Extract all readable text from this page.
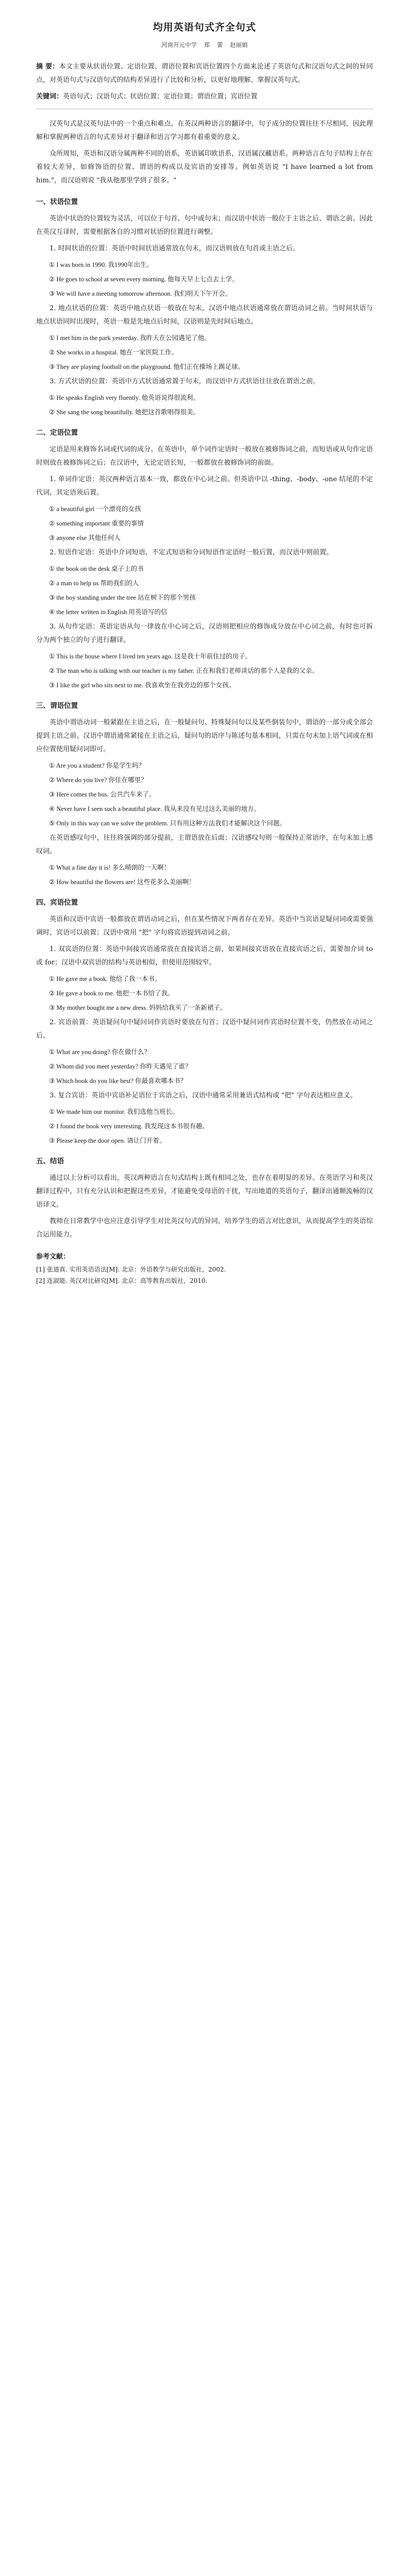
均用英语句式齐全句式
河南开元中学 郑 蕾 赵丽娟

摘 要：本文主要从状语位置、定语位置、谓语位置和宾语位置四个方面来论述了英语句式和汉语句式之间的异同点，对英语句式与汉语句式的结构差异进行了比较和分析，以更好地理解、掌握汉英句式。

关键词：英语句式；汉语句式；状语位置；定语位置；谓语位置；宾语位置

汉英句式是汉英句法中的一个重点和难点。在英汉两种语言的翻译中，句子成分的位置往往不尽相同，因此理解和掌握两种语言的句式差异对于翻译和语言学习都有着重要的意义。

众所周知，英语和汉语分属两种不同的语系，英语属印欧语系，汉语属汉藏语系。两种语言在句子结构上存在着较大差异，如修饰语的位置、谓语的构成以及宾语的安排等。例如英语说 "I have learned a lot from him."，而汉语则说 "我从他那里学到了很多。"

一、状语位置

英语中状语的位置较为灵活，可以位于句首、句中或句末；而汉语中状语一般位于主语之后、谓语之前。因此在英汉互译时，需要根据各自的习惯对状语的位置进行调整。

1. 时间状语的位置：英语中时间状语通常放在句末，而汉语则放在句首或主语之后。

① I was born in 1990. 我1990年出生。
② He goes to school at seven every morning. 他每天早上七点去上学。
③ We will have a meeting tomorrow afternoon. 我们明天下午开会。

2. 地点状语的位置：英语中地点状语一般放在句末，汉语中地点状语通常放在谓语动词之前。当时间状语与地点状语同时出现时，英语一般是先地点后时间，汉语则是先时间后地点。

① I met him in the park yesterday. 我昨天在公园遇见了他。
② She works in a hospital. 她在一家医院工作。
③ They are playing football on the playground. 他们正在操场上踢足球。

3. 方式状语的位置：英语中方式状语通常置于句末，而汉语中方式状语往往放在谓语之前。

① He speaks English very fluently. 他英语说得很流利。
② She sang the song beautifully. 她把这首歌唱得很美。
二、定语位置

定语是用来修饰名词或代词的成分。在英语中，单个词作定语时一般放在被修饰词之前，而短语或从句作定语时则放在被修饰词之后；在汉语中，无论定语长短，一般都放在被修饰词的前面。

1. 单词作定语：英汉两种语言基本一致，都放在中心词之前。但英语中以 -thing、-body、-one 结尾的不定代词，其定语须后置。

① a beautiful girl 一个漂亮的女孩
② something important 重要的事情
③ anyone else 其他任何人

2. 短语作定语：英语中介词短语、不定式短语和分词短语作定语时一般后置，而汉语中则前置。

① the book on the desk 桌子上的书
② a man to help us 帮助我们的人
③ the boy standing under the tree 站在树下的那个男孩
④ the letter written in English 用英语写的信

3. 从句作定语：英语定语从句一律放在中心词之后，汉语则把相应的修饰成分放在中心词之前，有时也可拆分为两个独立的句子进行翻译。

① This is the house where I lived ten years ago. 这是我十年前住过的房子。
② The man who is talking with our teacher is my father. 正在和我们老师谈话的那个人是我的父亲。
③ I like the girl who sits next to me. 我喜欢坐在我旁边的那个女孩。
三、谓语位置

英语中谓语动词一般紧跟在主语之后，在一般疑问句、特殊疑问句以及某些倒装句中，谓语的一部分或全部会提到主语之前。汉语中谓语通常紧接在主语之后，疑问句的语序与陈述句基本相同，只需在句末加上语气词或在相应位置使用疑问词即可。

① Are you a student? 你是学生吗？
② Where do you live? 你住在哪里？
③ Here comes the bus. 公共汽车来了。
④ Never have I seen such a beautiful place. 我从来没有见过这么美丽的地方。
⑤ Only in this way can we solve the problem. 只有用这种方法我们才能解决这个问题。

在英语感叹句中，往往将强调的部分提前，主谓语放在后面；汉语感叹句则一般保持正常语序，在句末加上感叹词。

① What a fine day it is! 多么晴朗的一天啊！
② How beautiful the flowers are! 这些花多么美丽啊！
四、宾语位置

英语和汉语中宾语一般都放在谓语动词之后，但在某些情况下两者存在差异。英语中当宾语是疑问词或需要强调时，宾语可以前置；汉语中常用 "把" 字句将宾语提到动词之前。

1. 双宾语的位置：英语中间接宾语通常放在直接宾语之前，如果间接宾语放在直接宾语之后，需要加介词 to 或 for；汉语中双宾语的结构与英语相似，但使用范围较窄。

① He gave me a book. 他给了我一本书。
② He gave a book to me. 他把一本书给了我。
③ My mother bought me a new dress. 妈妈给我买了一条新裙子。

2. 宾语前置：英语疑问句中疑问词作宾语时要放在句首；汉语中疑问词作宾语时位置不变，仍然放在动词之后。

① What are you doing? 你在做什么？
② Whom did you meet yesterday? 你昨天遇见了谁？
③ Which book do you like best? 你最喜欢哪本书？

3. 复合宾语：英语中宾语补足语位于宾语之后，汉语中通常采用兼语式结构或 "把" 字句表达相应意义。

① We made him our monitor. 我们选他当班长。
② I found the book very interesting. 我发现这本书很有趣。
③ Please keep the door open. 请让门开着。
五、结语

通过以上分析可以看出，英汉两种语言在句式结构上既有相同之处，也存在着明显的差异。在英语学习和英汉翻译过程中，只有充分认识和把握这些差异，才能避免受母语的干扰，写出地道的英语句子，翻译出通顺流畅的汉语译文。

教师在日常教学中也应注意引导学生对比英汉句式的异同，培养学生的语言对比意识，从而提高学生的英语综合运用能力。

参考文献：
[1] 张道真. 实用英语语法[M]. 北京：外语教学与研究出版社，2002.
[2] 连淑能. 英汉对比研究[M]. 北京：高等教育出版社，2010.
